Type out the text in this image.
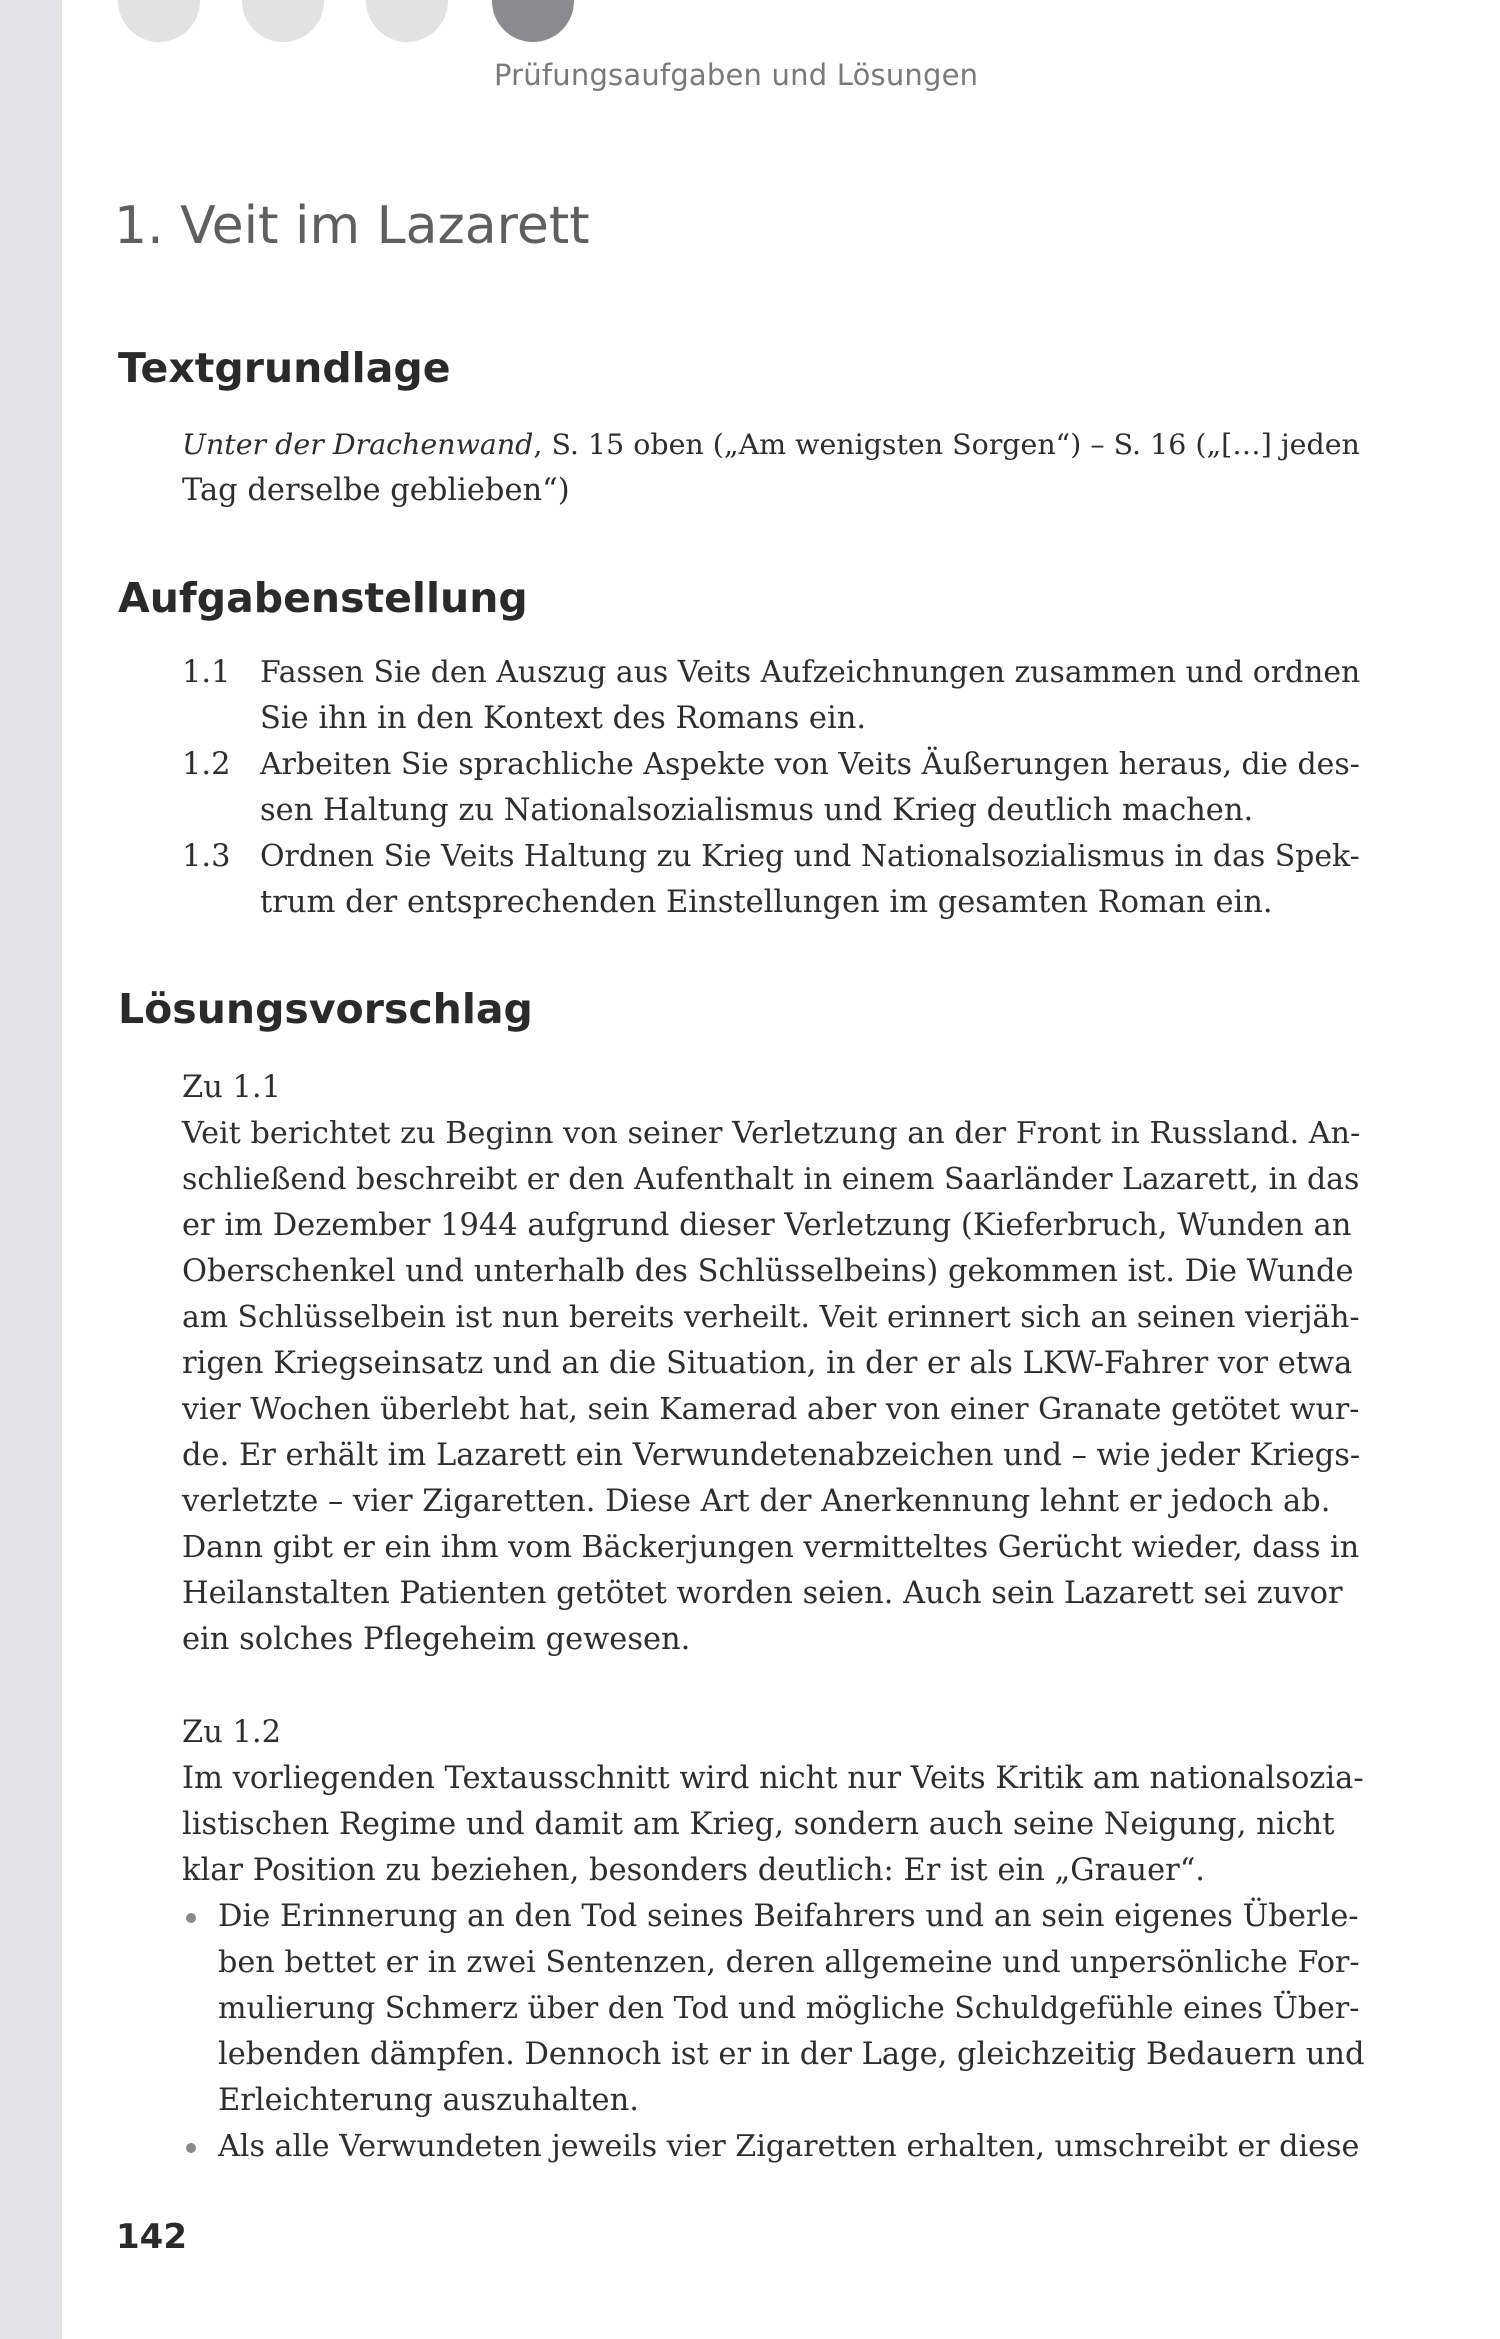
Prüfungsaufgaben und Lösungen
1. Veit im Lazarett
Textgrundlage

Unter der Drachenwand, S. 15 oben („Am wenigsten Sorgen“) – S. 16 („[…] jeden
Tag derselbe geblieben“)

Aufgabenstellung
1.1 Fassen Sie den Auszug aus Veits Aufzeichnungen zusammen und ordnen
Sie ihn in den Kontext des Romans ein.
1.2 Arbeiten Sie sprachliche Aspekte von Veits Äußerungen heraus, die des-
sen Haltung zu Nationalsozialismus und Krieg deutlich machen.
1.3 Ordnen Sie Veits Haltung zu Krieg und Nationalsozialismus in das Spek-
trum der entsprechenden Einstellungen im gesamten Roman ein.
Lösungsvorschlag

Zu 1.1

Veit berichtet zu Beginn von seiner Verletzung an der Front in Russland. An-
schließend beschreibt er den Aufenthalt in einem Saarländer Lazarett, in das
er im Dezember 1944 aufgrund dieser Verletzung (Kieferbruch, Wunden an
Oberschenkel und unterhalb des Schlüsselbeins) gekommen ist. Die Wunde
am Schlüsselbein ist nun bereits verheilt. Veit erinnert sich an seinen vierjäh-
rigen Kriegseinsatz und an die Situation, in der er als LKW-Fahrer vor etwa
vier Wochen überlebt hat, sein Kamerad aber von einer Granate getötet wur-
de. Er erhält im Lazarett ein Verwundetenabzeichen und – wie jeder Kriegs-
verletzte – vier Zigaretten. Diese Art der Anerkennung lehnt er jedoch ab.
Dann gibt er ein ihm vom Bäckerjungen vermitteltes Gerücht wieder, dass in
Heilanstalten Patienten getötet worden seien. Auch sein Lazarett sei zuvor
ein solches Pflegeheim gewesen.

Zu 1.2

Im vorliegenden Textausschnitt wird nicht nur Veits Kritik am nationalsozia-
listischen Regime und damit am Krieg, sondern auch seine Neigung, nicht
klar Position zu beziehen, besonders deutlich: Er ist ein „Grauer“.

Die Erinnerung an den Tod seines Beifahrers und an sein eigenes Überle-
ben bettet er in zwei Sentenzen, deren allgemeine und unpersönliche For-
mulierung Schmerz über den Tod und mögliche Schuldgefühle eines Über-
lebenden dämpfen. Dennoch ist er in der Lage, gleichzeitig Bedauern und
Erleichterung auszuhalten.
Als alle Verwundeten jeweils vier Zigaretten erhalten, umschreibt er diese
142
